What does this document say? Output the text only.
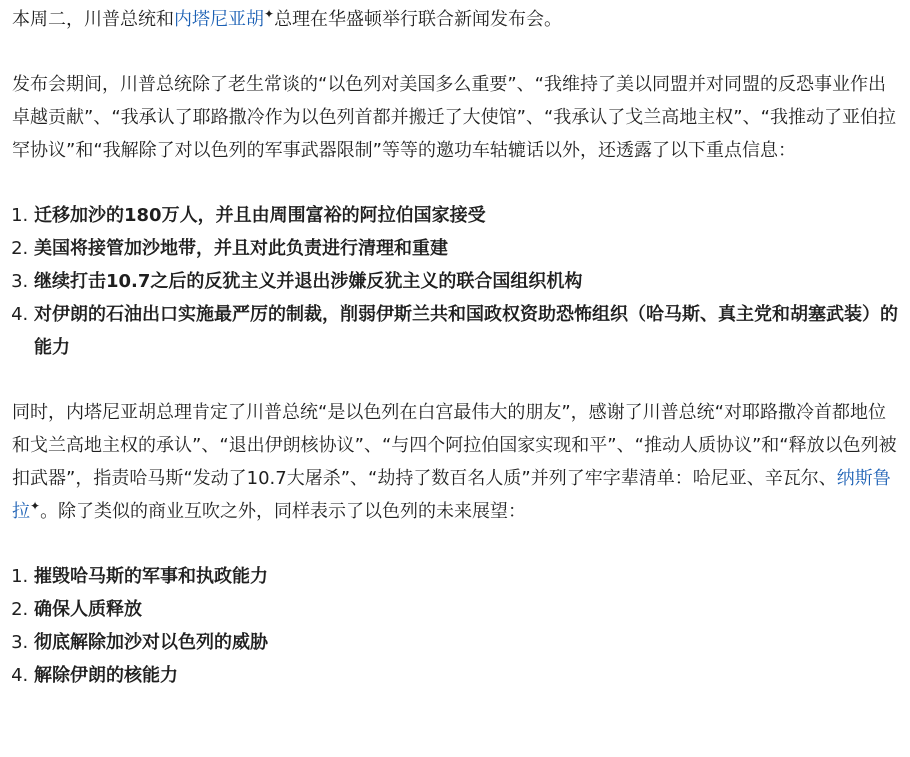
本周二，川普总统和内塔尼亚胡✦总理在华盛顿举行联合新闻发布会。

发布会期间，川普总统除了老生常谈的“以色列对美国多么重要”、“我维持了美以同盟并对同盟的反恐事业作出卓越贡献”、“我承认了耶路撒冷作为以色列首都并搬迁了大使馆”、“我承认了戈兰高地主权”、“我推动了亚伯拉罕协议”和“我解除了对以色列的军事武器限制”等等的邀功车轱辘话以外，还透露了以下重点信息：

1. 迁移加沙的180万人，并且由周围富裕的阿拉伯国家接受
2. 美国将接管加沙地带，并且对此负责进行清理和重建
3. 继续打击10.7之后的反犹主义并退出涉嫌反犹主义的联合国组织机构
4. 对伊朗的石油出口实施最严厉的制裁，削弱伊斯兰共和国政权资助恐怖组织（哈马斯、真主党和胡塞武装）的能力

同时，内塔尼亚胡总理肯定了川普总统“是以色列在白宫最伟大的朋友”，感谢了川普总统“对耶路撒冷首都地位和戈兰高地主权的承认”、“退出伊朗核协议”、“与四个阿拉伯国家实现和平”、“推动人质协议”和“释放以色列被扣武器”，指责哈马斯“发动了10.7大屠杀”、“劫持了数百名人质”并列了牢字辈清单：哈尼亚、辛瓦尔、纳斯鲁拉✦。除了类似的商业互吹之外，同样表示了以色列的未来展望：

1. 摧毁哈马斯的军事和执政能力
2. 确保人质释放
3. 彻底解除加沙对以色列的威胁
4. 解除伊朗的核能力
